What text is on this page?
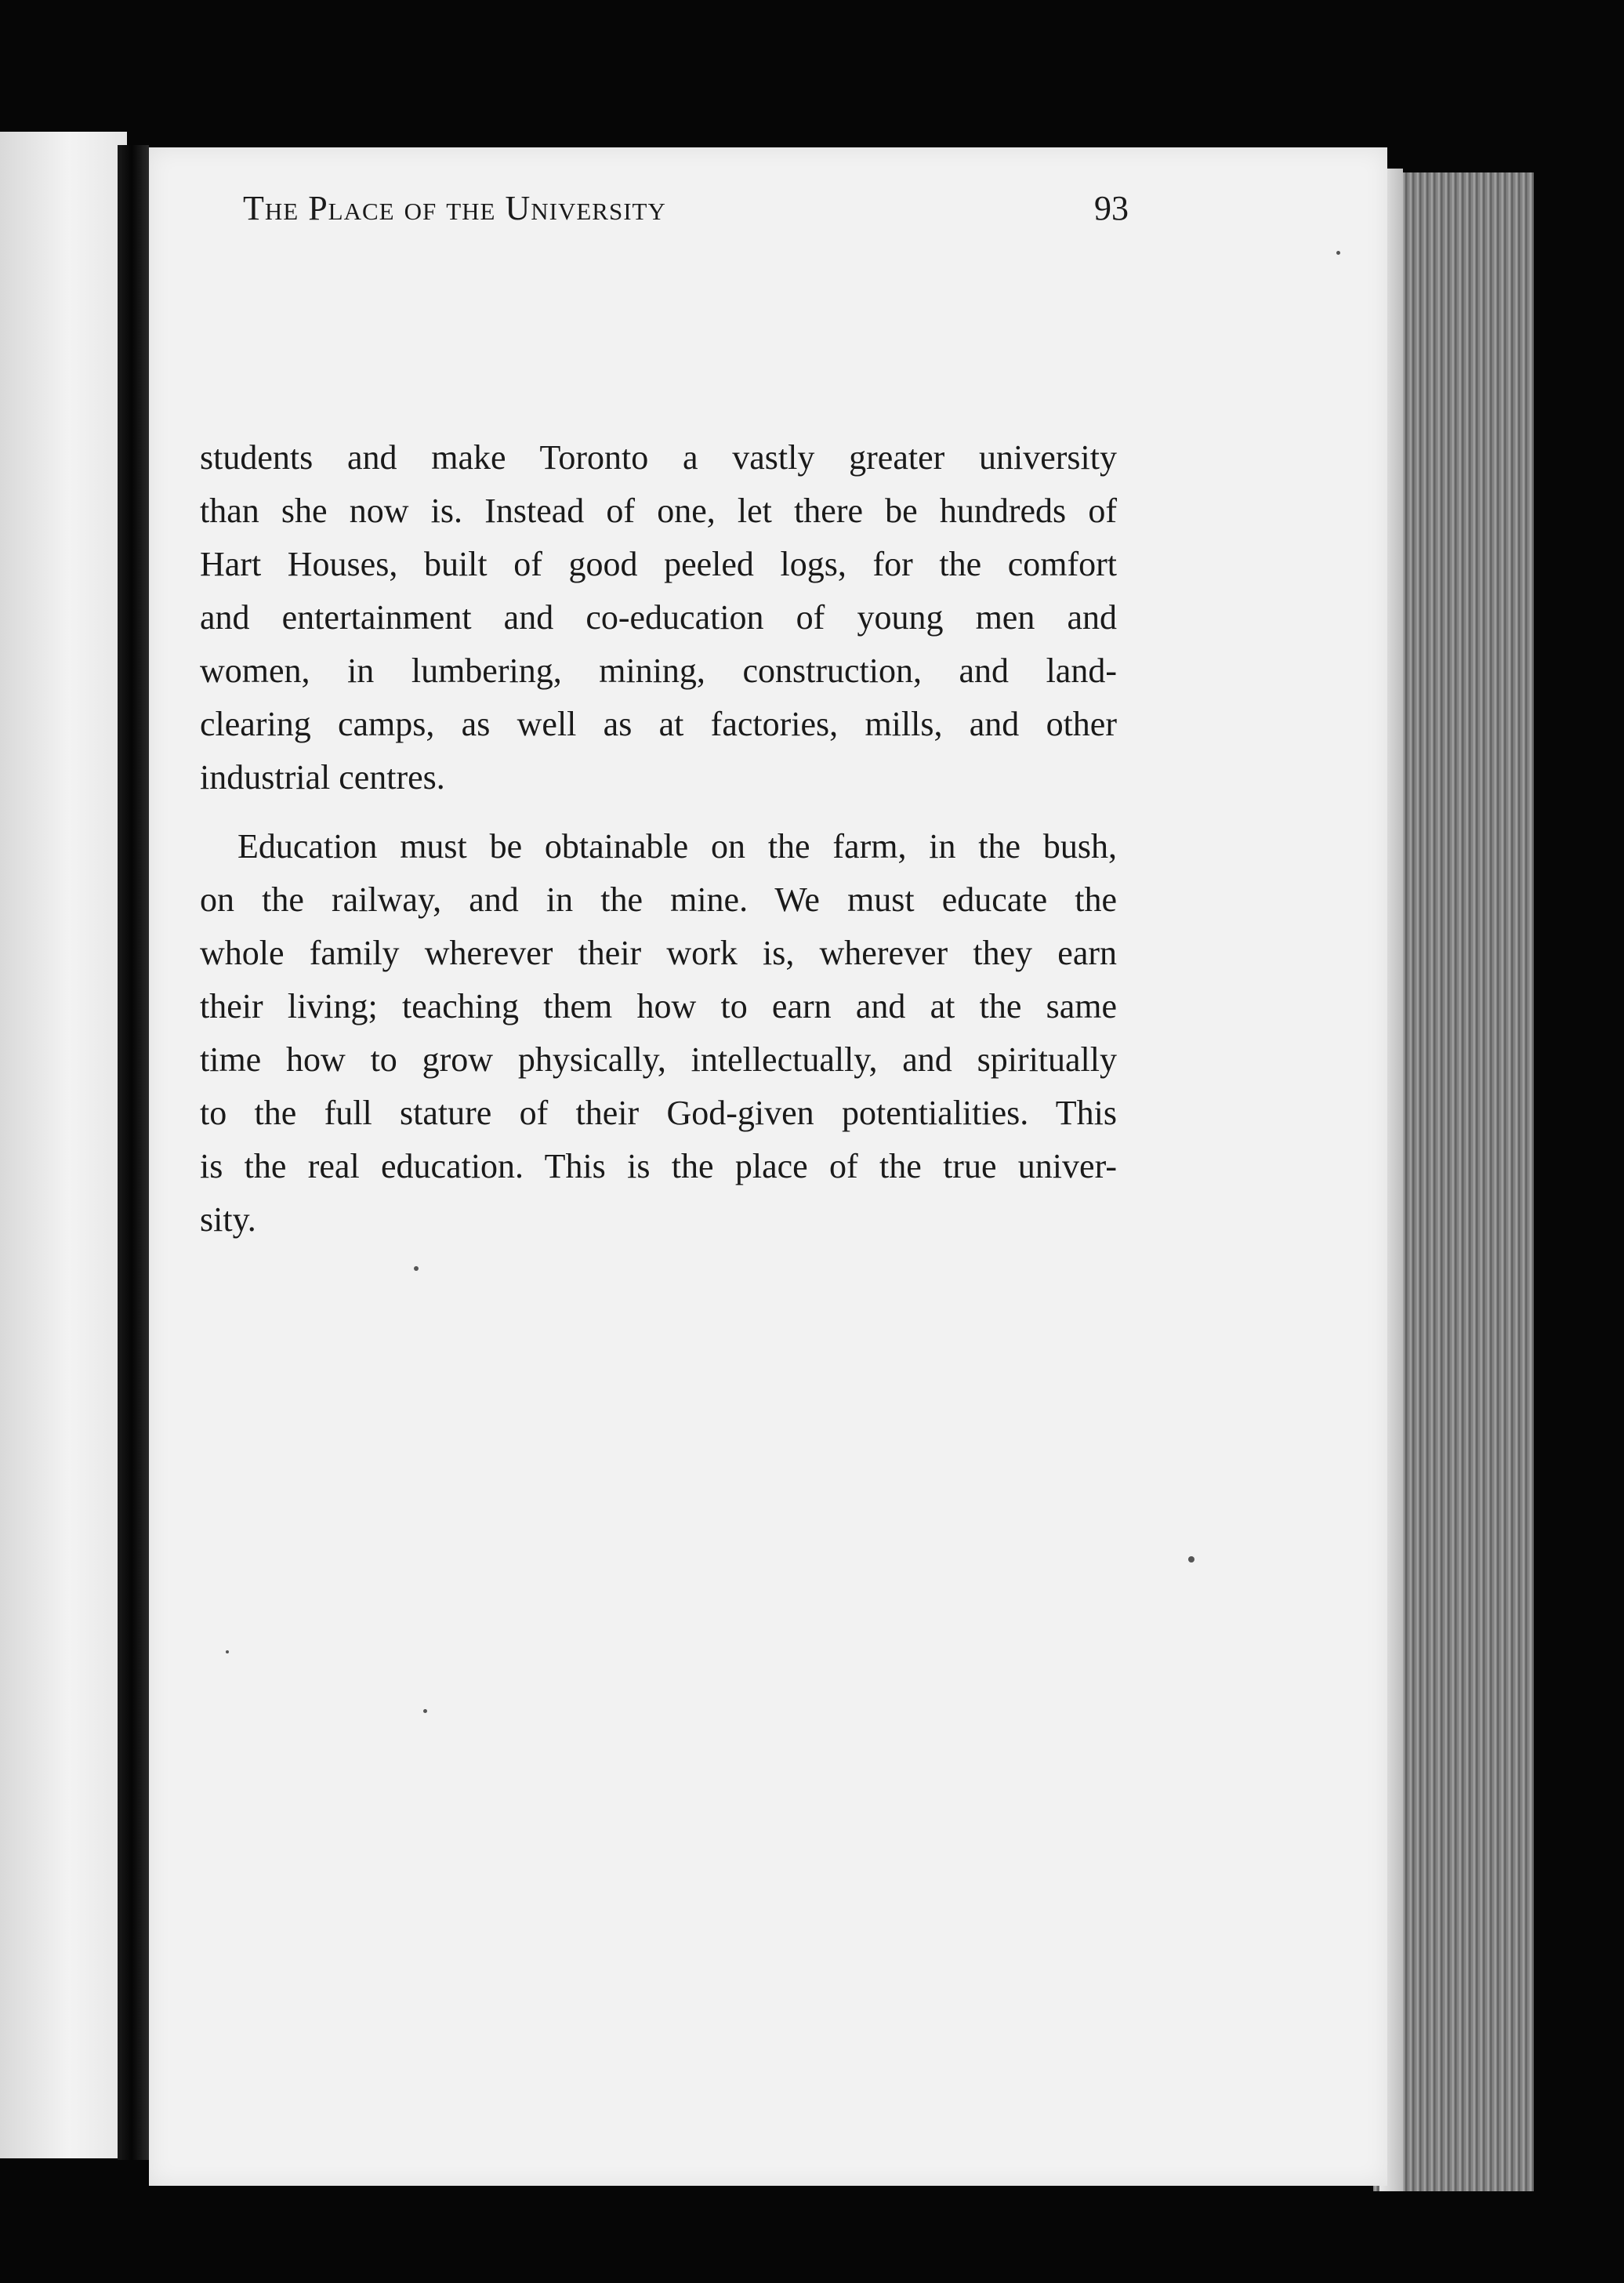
The Place of the University	93
students and make Toronto a vastly greater university
than she now is. Instead of one, let there be hundreds of
Hart Houses, built of good peeled logs, for the comfort
and entertainment and co-education of young men and
women, in lumbering, mining, construction, and land-
clearing camps, as well as at factories, mills, and other
industrial centres.
Education must be obtainable on the farm, in the bush,
on the railway, and in the mine. We must educate the
whole family wherever their work is, wherever they earn
their living; teaching them how to earn and at the same
time how to grow physically, intellectually, and spiritually
to the full stature of their God-given potentialities. This
is the real education. This is the place of the true univer-
sity.
